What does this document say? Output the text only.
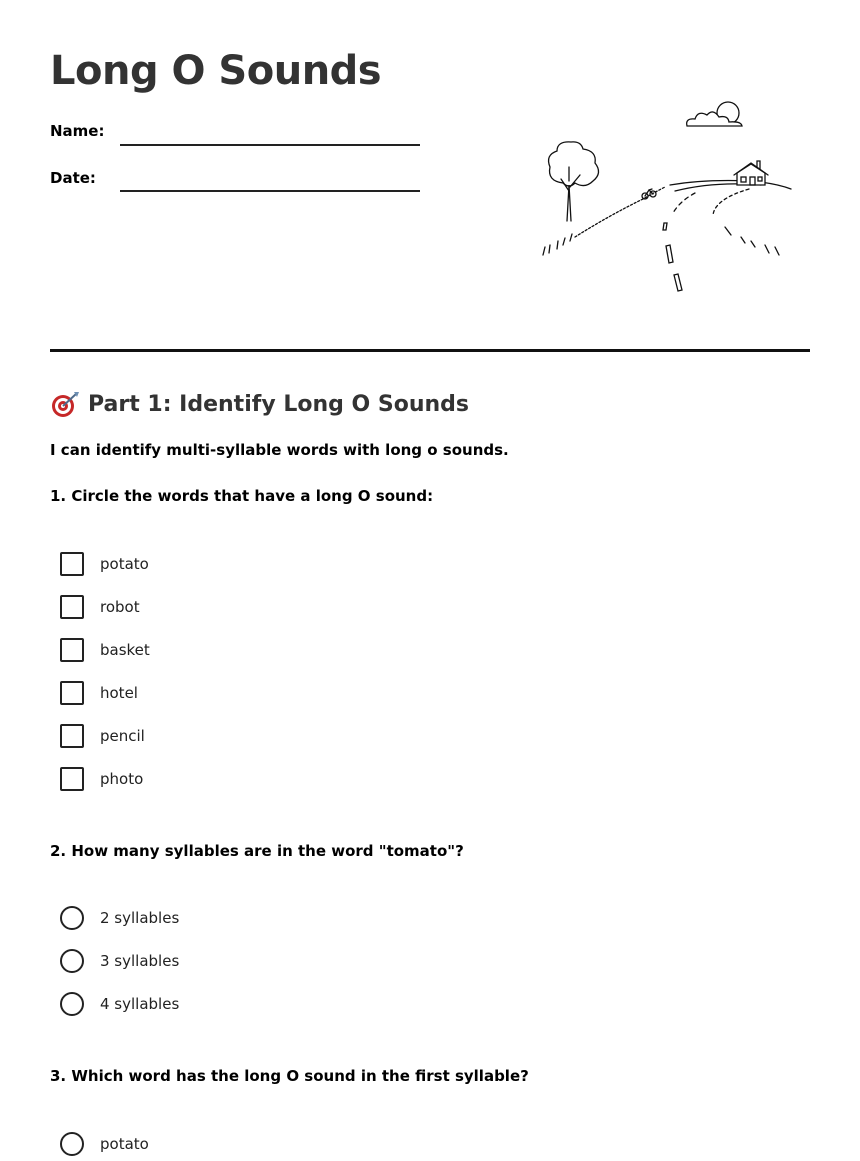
Long O Sounds
Name:
Date:
Part 1: Identify Long O Sounds
I can identify multi-syllable words with long o sounds.
1. Circle the words that have a long O sound:
potato
robot
basket
hotel
pencil
photo
2. How many syllables are in the word "tomato"?
2 syllables
3 syllables
4 syllables
3. Which word has the long O sound in the first syllable?
potato
